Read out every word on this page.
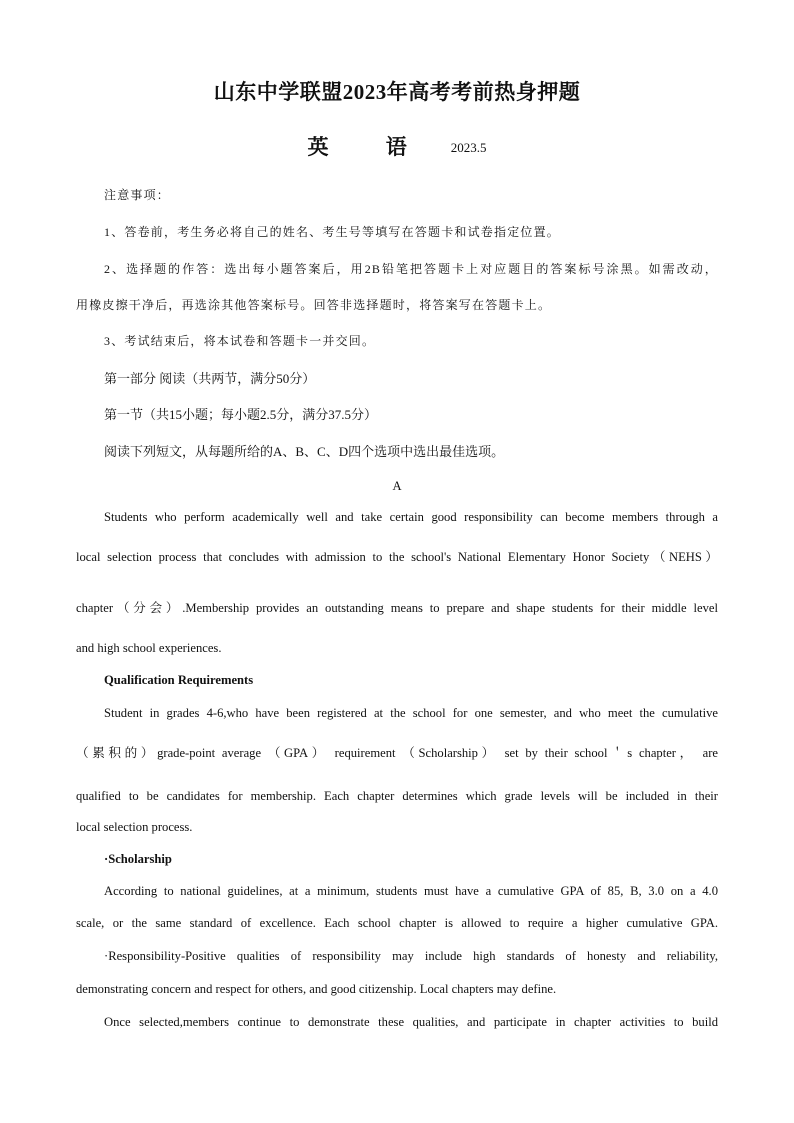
山东中学联盟2023年高考考前热身押题
英 语 2023.5
注意事项：
1、答卷前，考生务必将自己的姓名、考生号等填写在答题卡和试卷指定位置。
2、选择题的作答：选出每小题答案后，用2B铅笔把答题卡上对应题目的答案标号涂黑。如需改动，
用橡皮擦干净后，再选涂其他答案标号。回答非选择题时，将答案写在答题卡上。
3、考试结束后，将本试卷和答题卡一并交回。
第一部分 阅读（共两节，满分50分）
第一节（共15小题；每小题2.5分，满分37.5分）
阅读下列短文，从每题所给的A、B、C、D四个选项中选出最佳选项。
A
Students who perform academically well and take certain good responsibility can become members through a
local selection process that concludes with admission to the school's National Elementary Honor Society（NEHS）
chapter（分会）.Membership provides an outstanding means to prepare and shape students for their middle level
and high school experiences.
Qualification Requirements
Student in grades 4-6,who have been registered at the school for one semester, and who meet the cumulative
（累积的）grade-point average （GPA） requirement （Scholarship） set by their school＇s chapter， are
qualified to be candidates for membership. Each chapter determines which grade levels will be included in their
local selection process.
·Scholarship
According to national guidelines, at a minimum, students must have a cumulative GPA of 85, B, 3.0 on a 4.0
scale, or the same standard of excellence. Each school chapter is allowed to require a higher cumulative GPA.
·Responsibility-Positive qualities of responsibility may include high standards of honesty and reliability,
demonstrating concern and respect for others, and good citizenship. Local chapters may define.
Once selected,members continue to demonstrate these qualities, and participate in chapter activities to build
